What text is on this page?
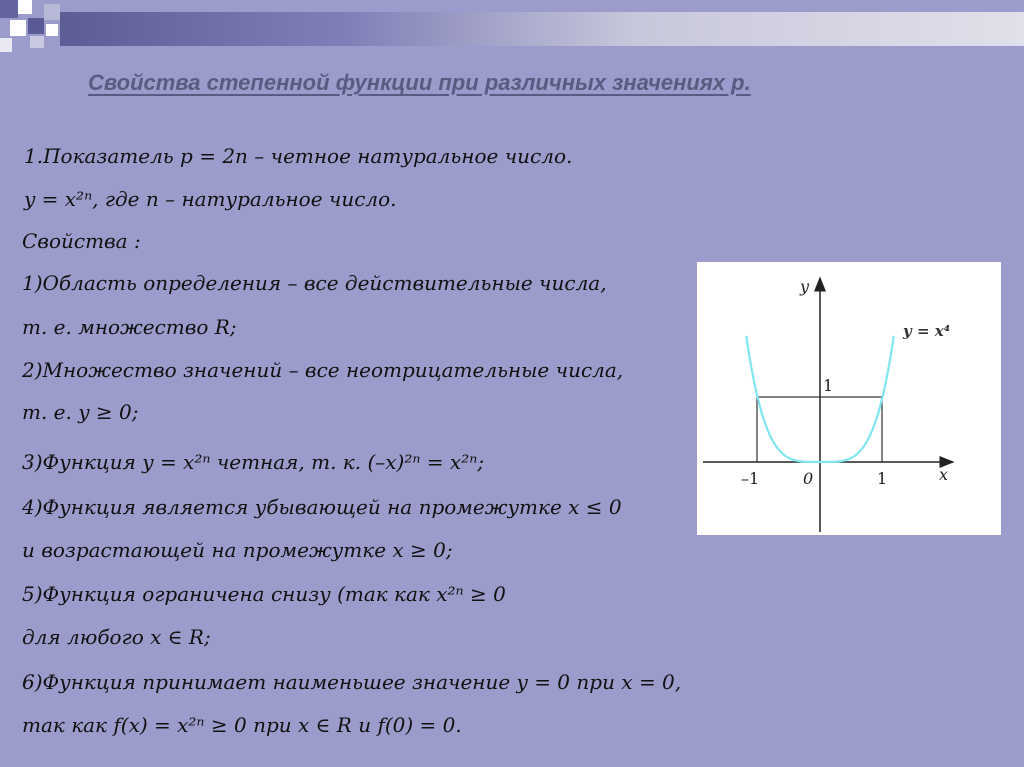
Свойства степенной функции при различных значениях р.
1.Показатель p = 2n – четное натуральное число.
y = x²ⁿ, где n – натуральное число.
Свойства :
1)Область определения – все действительные числа,
т. е. множество R;
2)Множество значений – все неотрицательные числа,
т. е. y ≥ 0;
3)Функция y = x²ⁿ четная, т. к. (–x)²ⁿ = x²ⁿ;
4)Функция является убывающей на промежутке x ≤ 0
и возрастающей на промежутке x ≥ 0;
5)Функция ограничена снизу (так как x²ⁿ ≥ 0
для любого x ∈ R;
6)Функция принимает наименьшее значение y = 0 при x = 0,
так как f(x) = x²ⁿ ≥ 0 при x ∈ R и f(0) = 0.
y
x
y = x⁴
–1	0	1
1
